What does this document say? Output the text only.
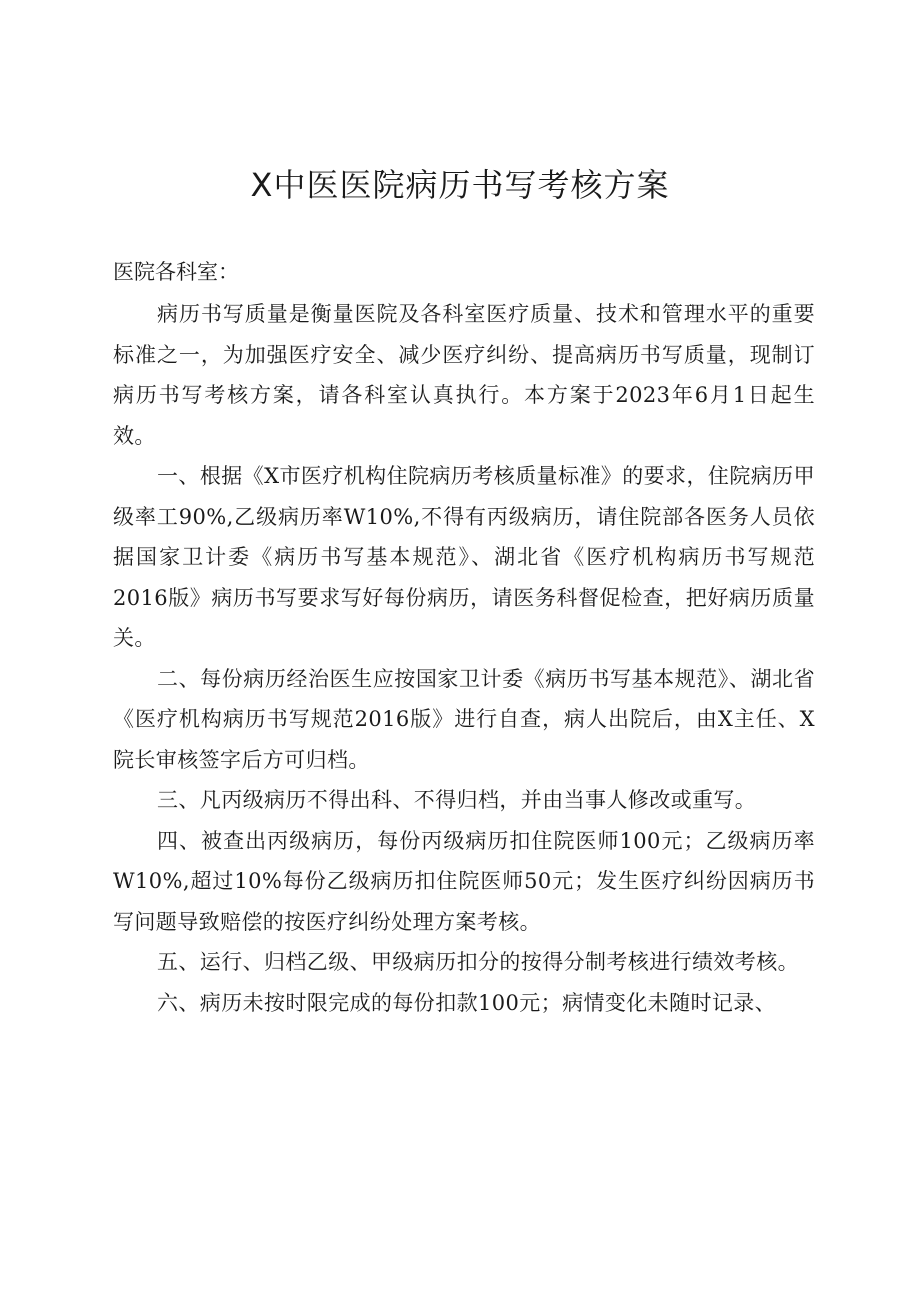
X中医医院病历书写考核方案

医院各科室：

病历书写质量是衡量医院及各科室医疗质量、技术和管理水平的重要标准之一，为加强医疗安全、减少医疗纠纷、提高病历书写质量，现制订病历书写考核方案，请各科室认真执行。本方案于2023年6月1日起生效。

一、根据《X市医疗机构住院病历考核质量标准》的要求，住院病历甲级率工90%,乙级病历率W10%,不得有丙级病历，请住院部各医务人员依据国家卫计委《病历书写基本规范》、湖北省《医疗机构病历书写规范2016版》病历书写要求写好每份病历，请医务科督促检查，把好病历质量关。

二、每份病历经治医生应按国家卫计委《病历书写基本规范》、湖北省《医疗机构病历书写规范2016版》进行自查，病人出院后，由X主任、X院长审核签字后方可归档。

三、凡丙级病历不得出科、不得归档，并由当事人修改或重写。

四、被查出丙级病历，每份丙级病历扣住院医师100元；乙级病历率W10%,超过10%每份乙级病历扣住院医师50元；发生医疗纠纷因病历书写问题导致赔偿的按医疗纠纷处理方案考核。

五、运行、归档乙级、甲级病历扣分的按得分制考核进行绩效考核。

六、病历未按时限完成的每份扣款100元；病情变化未随时记录、
